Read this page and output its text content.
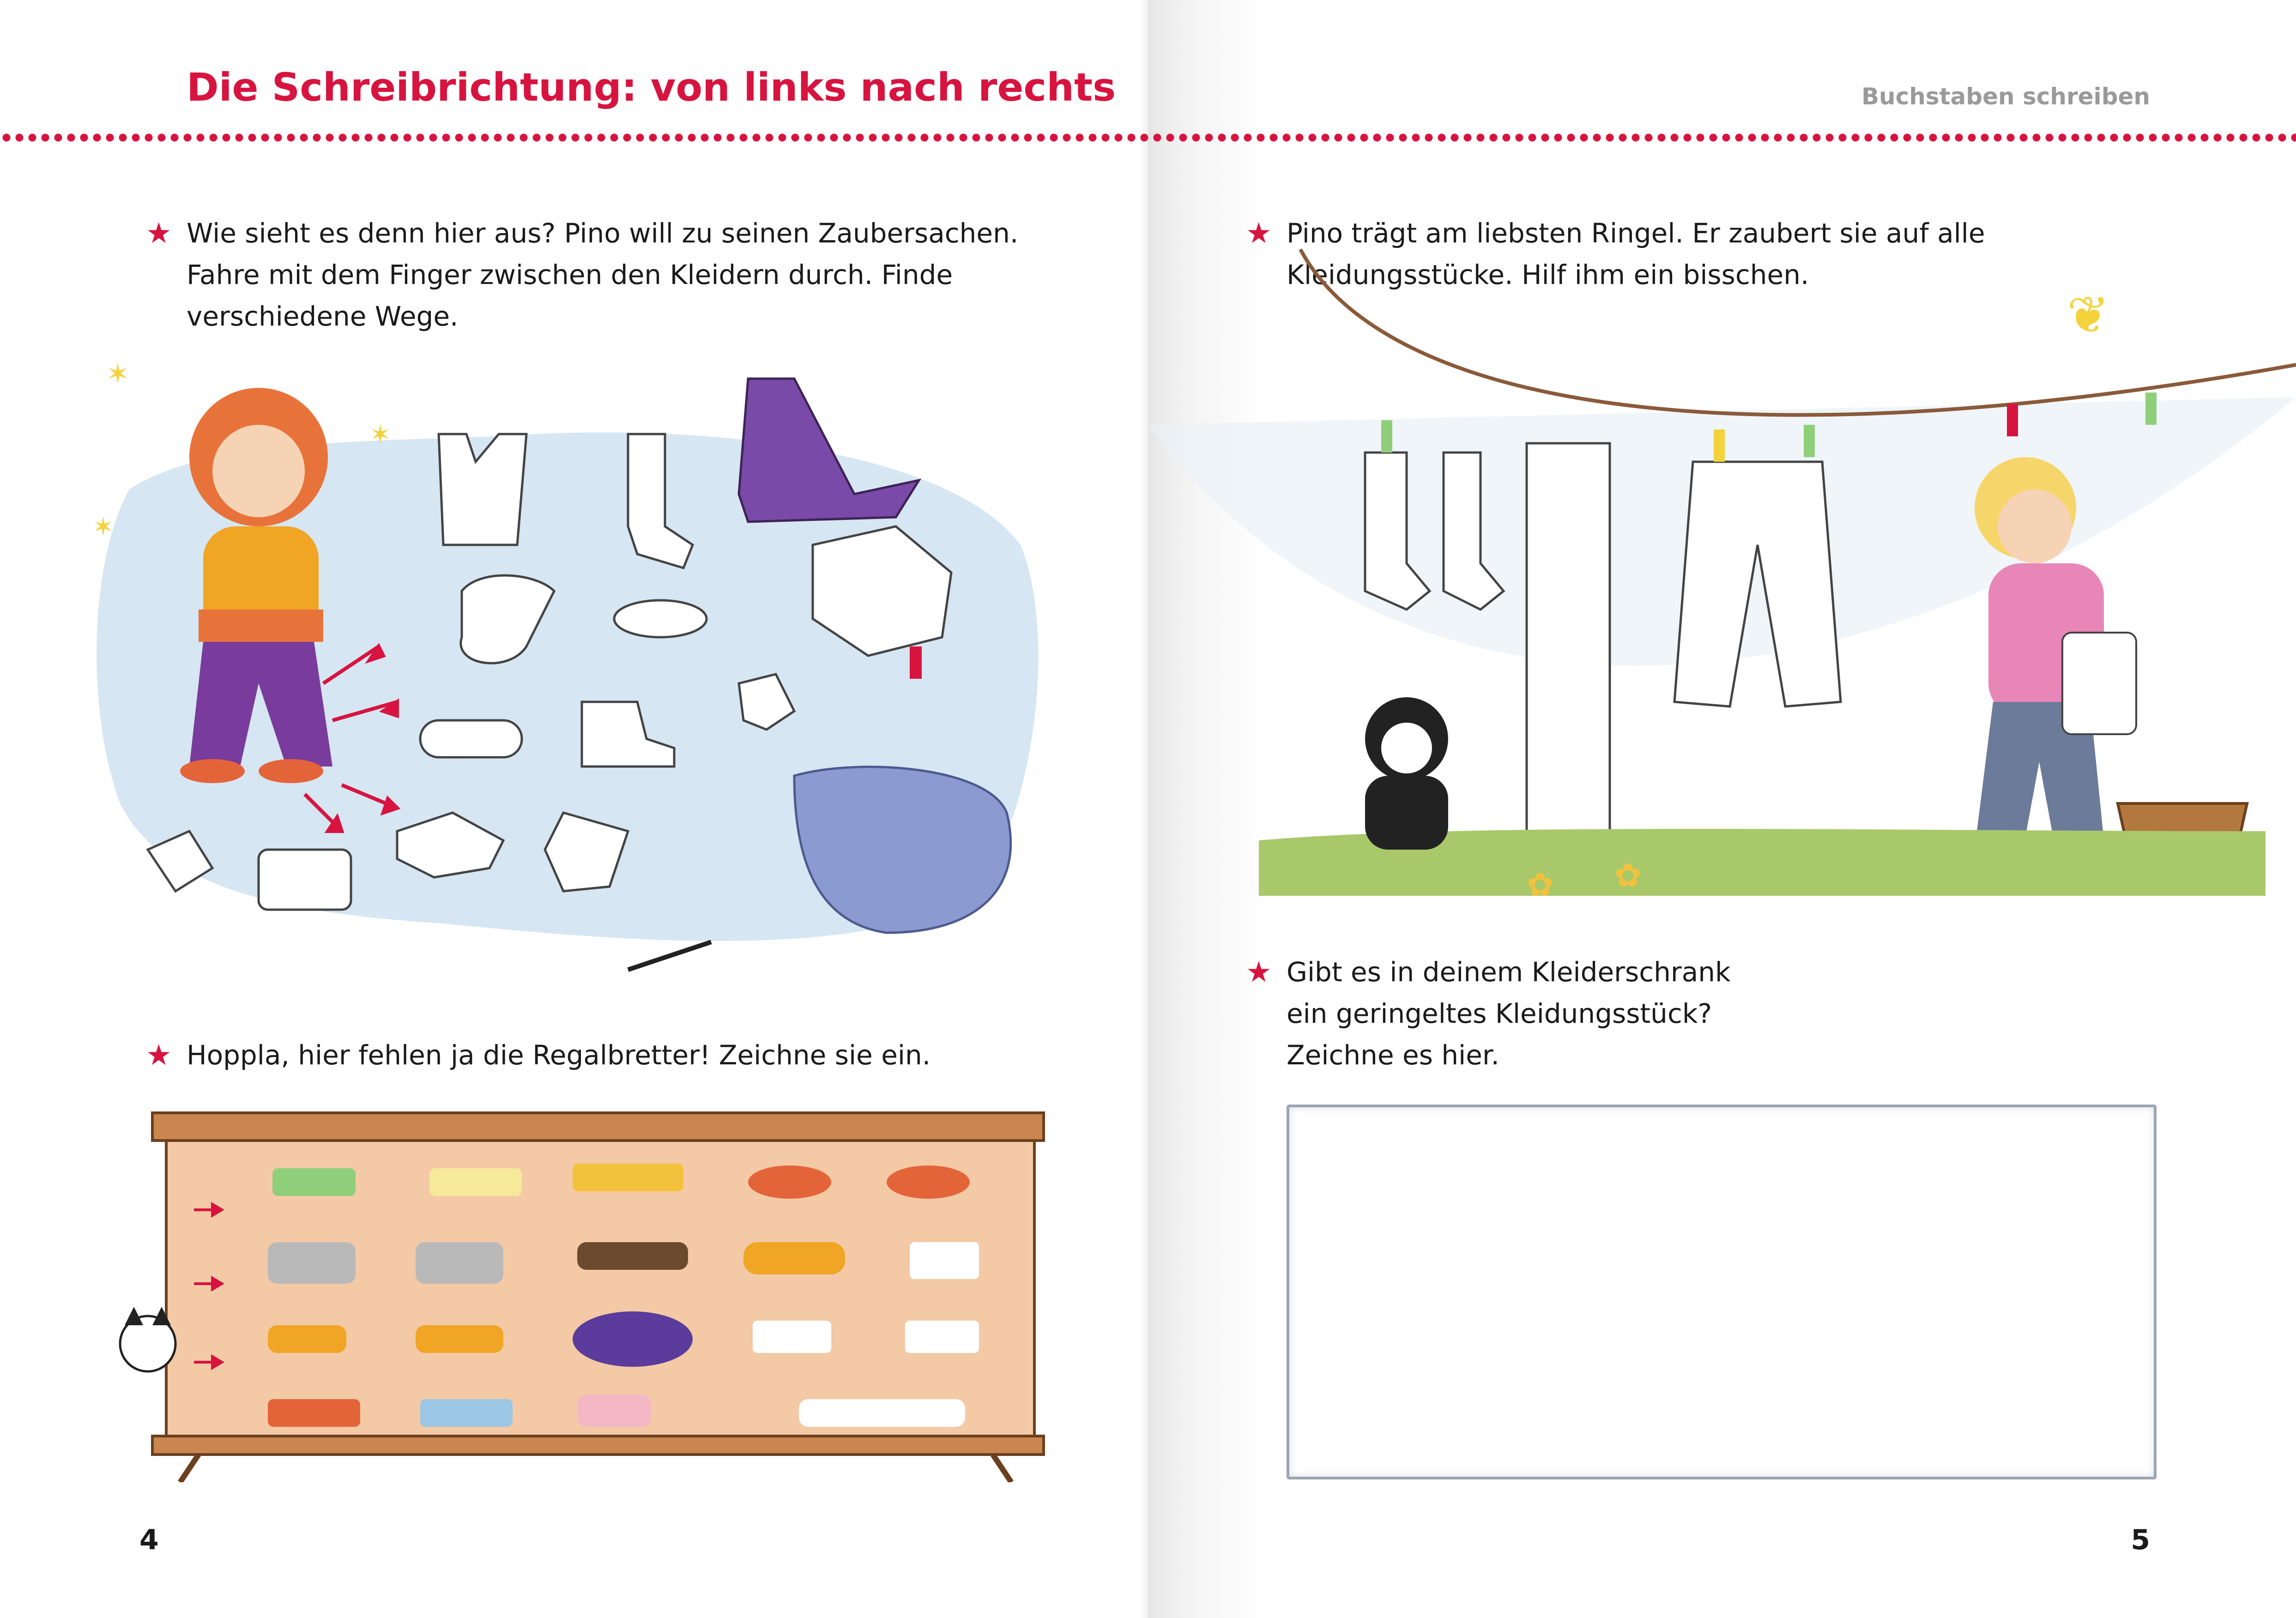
Die Schreibrichtung: von links nach rechts
★ Wie sieht es denn hier aus? Pino will zu seinen Zaubersachen.

Fahre mit dem Finger zwischen den Kleidern durch. Finde

verschiedene Wege.

✶
✶
✶
★ Hoppla, hier fehlen ja die Regalbretter! Zeichne sie ein.

4
Buchstaben schreiben
★ Pino trägt am liebsten Ringel. Er zaubert sie auf alle

Kleidungsstücke. Hilf ihm ein bisschen.

❦
✿ ✿
★ Gibt es in deinem Kleiderschrank

ein geringeltes Kleidungsstück?

Zeichne es hier.

5
